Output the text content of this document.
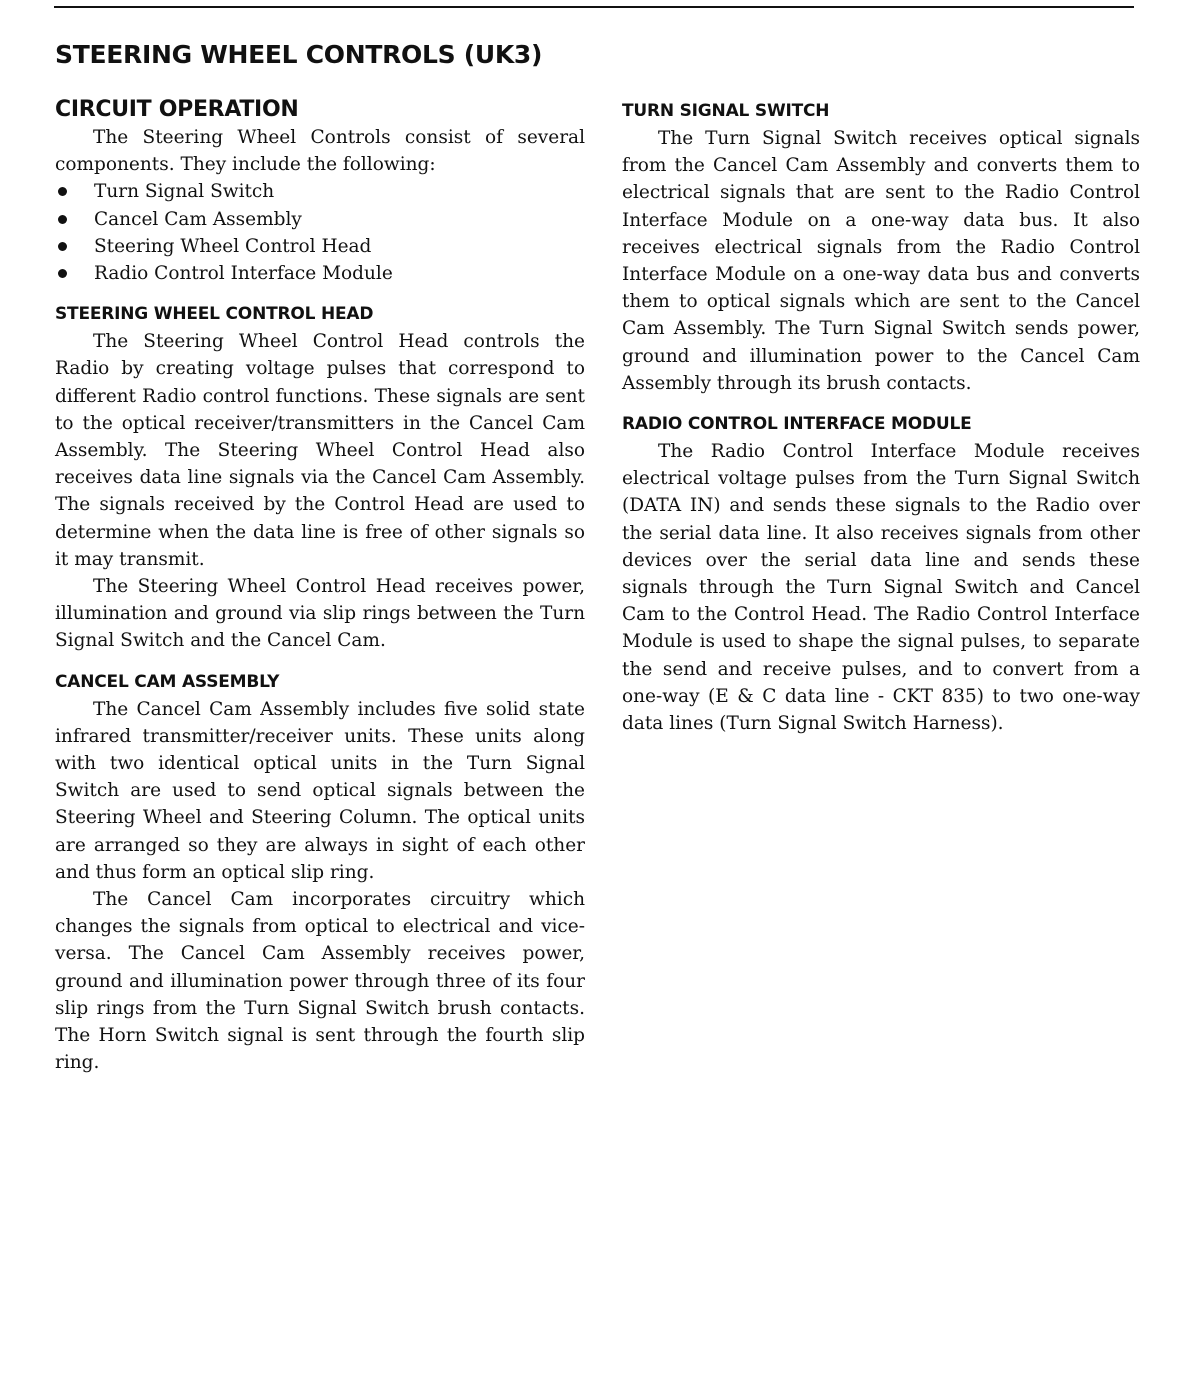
STEERING WHEEL CONTROLS (UK3)
CIRCUIT OPERATION

The Steering Wheel Controls consist of several components. They include the following:

Turn Signal Switch
Cancel Cam Assembly
Steering Wheel Control Head
Radio Control Interface Module
STEERING WHEEL CONTROL HEAD

The Steering Wheel Control Head controls the Radio by creating voltage pulses that correspond to different Radio control functions. These signals are sent to the optical receiver/transmitters in the Cancel Cam Assembly. The Steering Wheel Control Head also receives data line signals via the Cancel Cam Assembly. The signals received by the Control Head are used to determine when the data line is free of other signals so it may transmit.

The Steering Wheel Control Head receives power, illumination and ground via slip rings between the Turn Signal Switch and the Cancel Cam.

CANCEL CAM ASSEMBLY

The Cancel Cam Assembly includes five solid state infrared transmitter/receiver units. These units along with two identical optical units in the Turn Signal Switch are used to send optical signals between the Steering Wheel and Steering Column. The optical units are arranged so they are always in sight of each other and thus form an optical slip ring.

The Cancel Cam incorporates circuitry which changes the signals from optical to electrical and vice-versa. The Cancel Cam Assembly receives power, ground and illumination power through three of its four slip rings from the Turn Signal Switch brush contacts. The Horn Switch signal is sent through the fourth slip ring.

TURN SIGNAL SWITCH

The Turn Signal Switch receives optical signals from the Cancel Cam Assembly and converts them to electrical signals that are sent to the Radio Control Interface Module on a one-way data bus. It also receives electrical signals from the Radio Control Interface Module on a one-way data bus and converts them to optical signals which are sent to the Cancel Cam Assembly. The Turn Signal Switch sends power, ground and illumination power to the Cancel Cam Assembly through its brush contacts.

RADIO CONTROL INTERFACE MODULE

The Radio Control Interface Module receives electrical voltage pulses from the Turn Signal Switch (DATA IN) and sends these signals to the Radio over the serial data line. It also receives signals from other devices over the serial data line and sends these signals through the Turn Signal Switch and Cancel Cam to the Control Head. The Radio Control Interface Module is used to shape the signal pulses, to separate the send and receive pulses, and to convert from a one-way (E & C data line - CKT 835) to two one-way data lines (Turn Signal Switch Harness).
